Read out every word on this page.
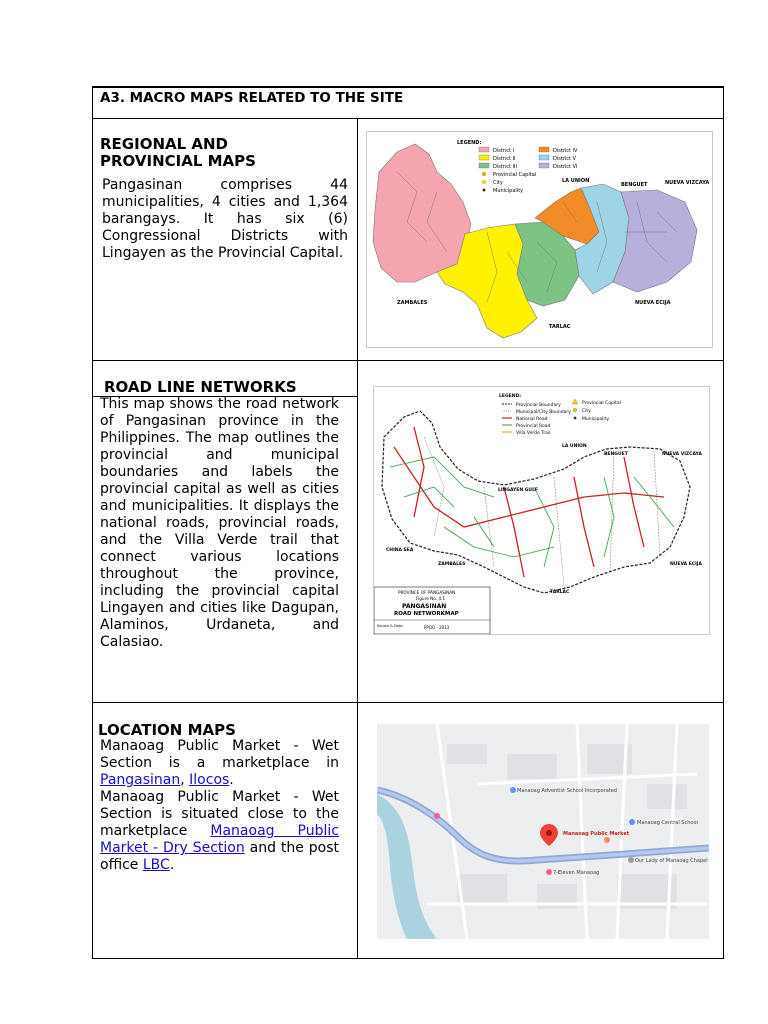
A3. MACRO MAPS RELATED TO THE SITE
REGIONAL AND
PROVINCIAL MAPS
Pangasinan comprises 44 municipalities, 4 cities and 1,364 barangays. It has six (6) Congressional Districts with Lingayen as the Provincial Capital.
LEGEND:
District I
District II
District III
District IV
District V
District VI
Provincial Capital
City
Municipality
LA UNION
BENGUET	NUEVA VIZCAYA
ZAMBALES	NUEVA ECIJA
TARLAC
ROAD LINE NETWORKS
This map shows the road network of Pangasinan province in the Philippines. The map outlines the provincial and municipal boundaries and labels the provincial capital as well as cities and municipalities. It displays the national roads, provincial roads, and the Villa Verde trail that connect various locations throughout the province, including the provincial capital Lingayen and cities like Dagupan, Alaminos, Urdaneta, and Calasiao.
LEGEND:
Provincial Boundary
Municipal/City Boundary
National Road
Provincial Road
Villa Verde Trail
Provincial Capital
City
Municipality
LA UNION
BENGUET	NUEVA VIZCAYA
LINGAYEN GULF
CHINA SEA
ZAMBALES	NUEVA ECIJA
TARLAC
PROVINCE OF PANGASINAN
Figure No. 4.1
PANGASINAN
ROAD NETWORKMAP
Source & Date:	PPDO - 2013
LOCATION MAPS
Manaoag Public Market - Wet Section is a marketplace in Pangasinan, Ilocos.
Manaoag Public Market - Wet Section is situated close to the marketplace Manaoag Public Market - Dry Section and the post office LBC.
Manaoag Public Market
Manaoag Adventist School Incorporated
Manaoag Central School
Our Lady of Manaoag Chapel
7-Eleven Manaoag
